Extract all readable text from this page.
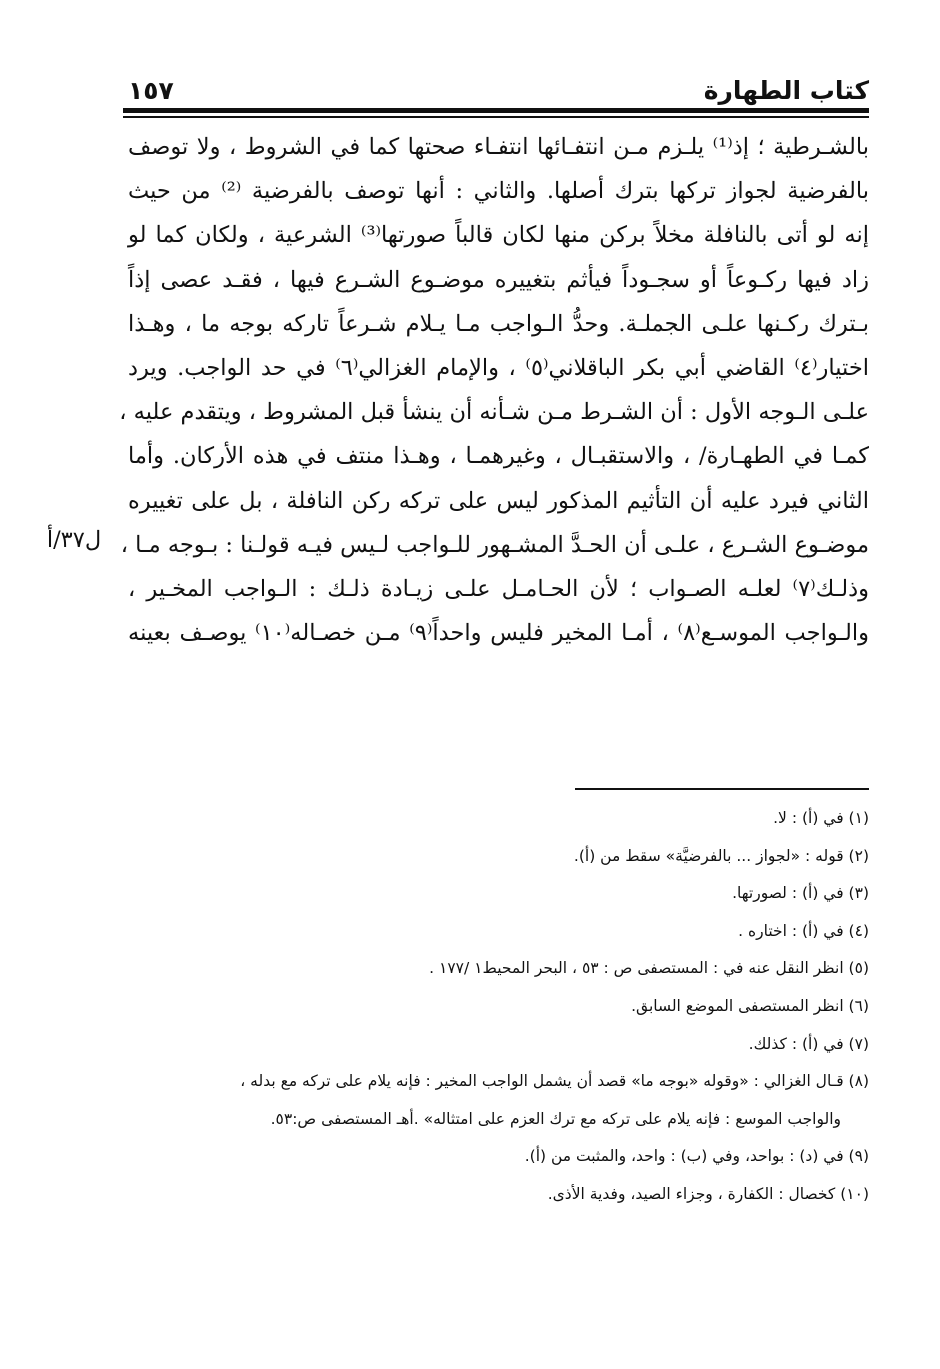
كتاب الطهارة
١٥٧
بالشـرطية ؛ إذ⁽¹⁾ يلـزم مـن انتفـائها انتفـاء صحتها كما في الشروط ، ولا توصف
بالفرضية لجواز تركها بترك أصلها. والثاني : أنها توصف بالفرضية ⁽²⁾ من حيث
إنه لو أتى بالنافلة مخلاً بركن منها لكان قالباً صورتها⁽³⁾ الشرعية ، ولكان كما لو
زاد فيها ركـوعاً أو سجـوداً فيأثم بتغييره موضـوع الشـرع فيها ، فقـد عصى إذاً
بـترك ركـنها علـى الجملـة. وحدُّ الـواجب مـا يـلام شـرعاً تاركه بوجه ما ، وهـذا
اختيار⁽٤⁾ القاضي أبي بكر الباقلاني⁽٥⁾ ، والإمام الغزالي⁽٦⁾ في حد الواجب. ويرد
علـى الـوجه الأول : أن الشـرط مـن شـأنه أن ينشأ قبل المشروط ، ويتقدم عليه ،
كمـا في الطهـارة/ ، والاستقبـال ، وغيرهمـا ، وهـذا منتف في هذه الأركان. وأما
الثاني فيرد عليه أن التأثيم المذكور ليس على تركه ركن النافلة ، بل على تغييره
موضـوع الشـرع ، علـى أن الحـدَّ المشـهور للـواجب لـيس فيـه قولـنا : بـوجه مـا ،
وذلـك⁽٧⁾ لعلـه الصـواب ؛ لأن الحـامـل علـى زيـادة ذلـك : الـواجب المخـير ،
والـواجب الموسـع⁽٨⁾ ، أمـا المخير فليس واحداً⁽٩⁾ مـن خصـاله⁽١٠⁾ يوصـف بعينه
ل٣٧/أ
(١) في (أ) : لا.
(٢) قوله : «لجواز ... بالفرضيَّة» سقط من (أ).
(٣) في (أ) : لصورتها.
(٤) في (أ) : اختاره .
(٥) انظر النقل عنه في : المستصفى ص : ٥٣ ، البحر المحيط١ /١٧٧ .
(٦) انظر المستصفى الموضع السابق.
(٧) في (أ) : كذلك.
(٨) قـال الغزالي : «وقوله «بوجه ما» قصد أن يشمل الواجب المخير : فإنه يلام على تركه مع بدله ،
والواجب الموسع : فإنه يلام على تركه مع ترك العزم على امتثاله» .أهـ المستصفى ص:٥٣.
(٩) في (د) : بواحد، وفي (ب) : واحد، والمثبت من (أ).
(١٠) كخصال : الكفارة ، وجزاء الصيد، وفدية الأذى.
